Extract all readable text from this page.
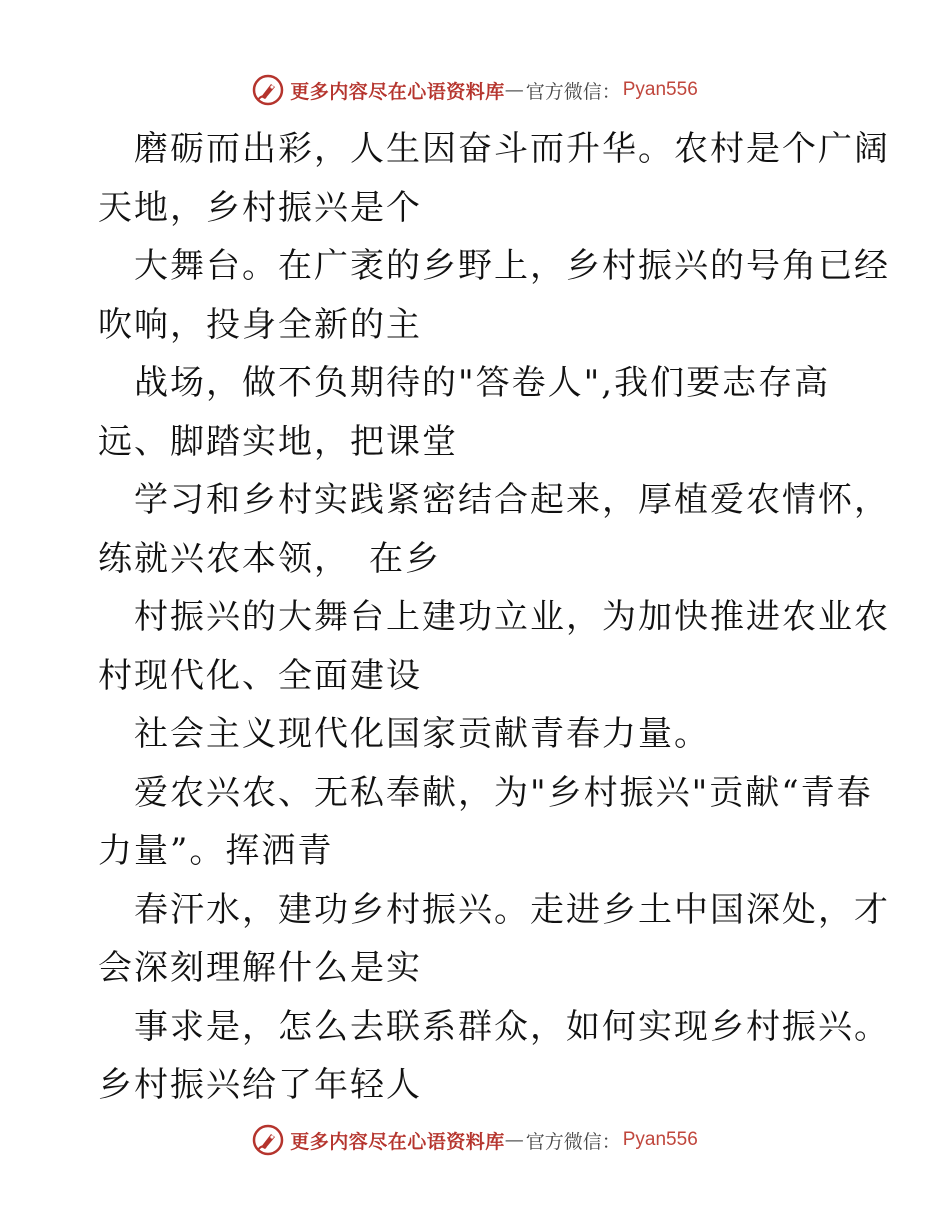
更多内容尽在心语资料库 — 官方微信： Pyan556
磨砺而出彩，人生因奋斗而升华。农村是个广阔
天地，乡村振兴是个
大舞台。在广袤的乡野上，乡村振兴的号角已经
吹响，投身全新的主
战场，做不负期待的"答卷人",我们要志存高
远、脚踏实地，把课堂
学习和乡村实践紧密结合起来，厚植爱农情怀，
练就兴农本领，　在乡
村振兴的大舞台上建功立业，为加快推进农业农
村现代化、全面建设
社会主义现代化国家贡献青春力量。
爱农兴农、无私奉献，为"乡村振兴"贡献“青春
力量”。挥洒青
春汗水，建功乡村振兴。走进乡土中国深处，才
会深刻理解什么是实
事求是，怎么去联系群众，如何实现乡村振兴。
乡村振兴给了年轻人
更多内容尽在心语资料库 — 官方微信： Pyan556
